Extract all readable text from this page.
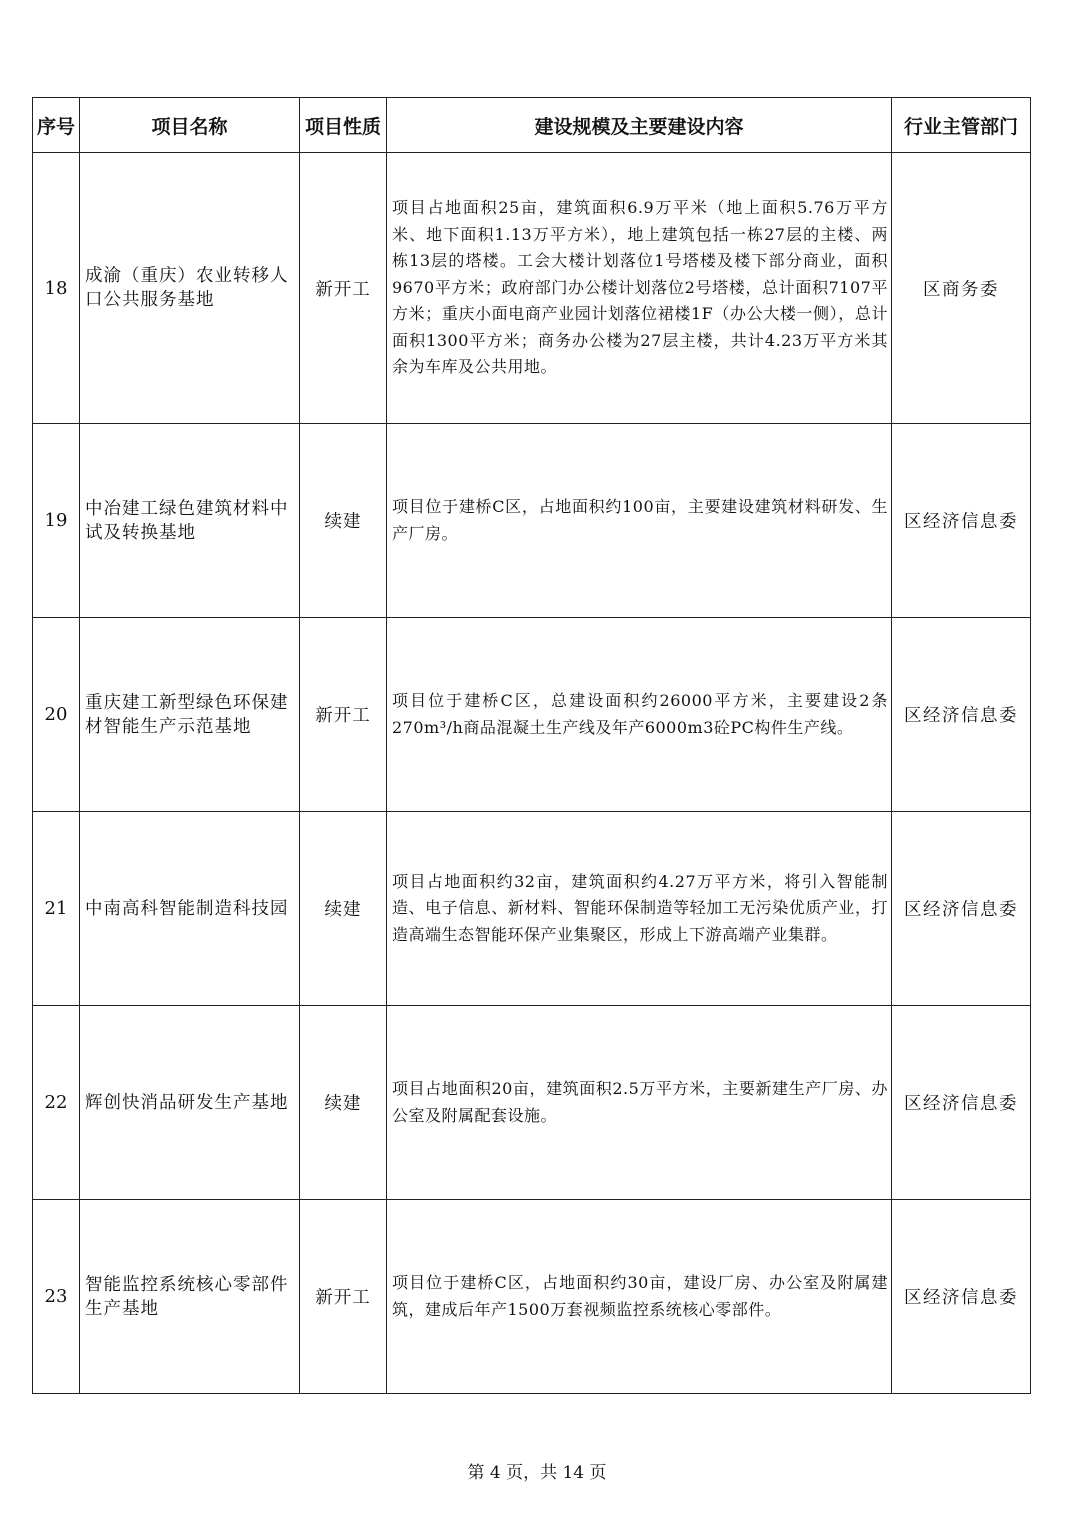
序号	项目名称	项目性质	建设规模及主要建设内容	行业主管部门
18	成渝（重庆）农业转移人口公共服务基地	新开工	项目占地面积25亩，建筑面积6.9万平米（地上面积5.76万平方米、地下面积1.13万平方米），地上建筑包括一栋27层的主楼、两栋13层的塔楼。工会大楼计划落位1号塔楼及楼下部分商业，面积9670平方米；政府部门办公楼计划落位2号塔楼，总计面积7107平方米；重庆小面电商产业园计划落位裙楼1F（办公大楼一侧），总计面积1300平方米；商务办公楼为27层主楼，共计4.23万平方米其余为车库及公共用地。	区商务委
19	中冶建工绿色建筑材料中试及转换基地	续建	项目位于建桥C区，占地面积约100亩，主要建设建筑材料研发、生产厂房。	区经济信息委
20	重庆建工新型绿色环保建材智能生产示范基地	新开工	项目位于建桥C区，总建设面积约26000平方米，主要建设2条270m³/h商品混凝土生产线及年产6000m3砼PC构件生产线。	区经济信息委
21	中南高科智能制造科技园	续建	项目占地面积约32亩，建筑面积约4.27万平方米，将引入智能制造、电子信息、新材料、智能环保制造等轻加工无污染优质产业，打造高端生态智能环保产业集聚区，形成上下游高端产业集群。	区经济信息委
22	辉创快消品研发生产基地	续建	项目占地面积20亩，建筑面积2.5万平方米，主要新建生产厂房、办公室及附属配套设施。	区经济信息委
23	智能监控系统核心零部件生产基地	新开工	项目位于建桥C区，占地面积约30亩，建设厂房、办公室及附属建筑，建成后年产1500万套视频监控系统核心零部件。	区经济信息委
第 4 页，共 14 页
